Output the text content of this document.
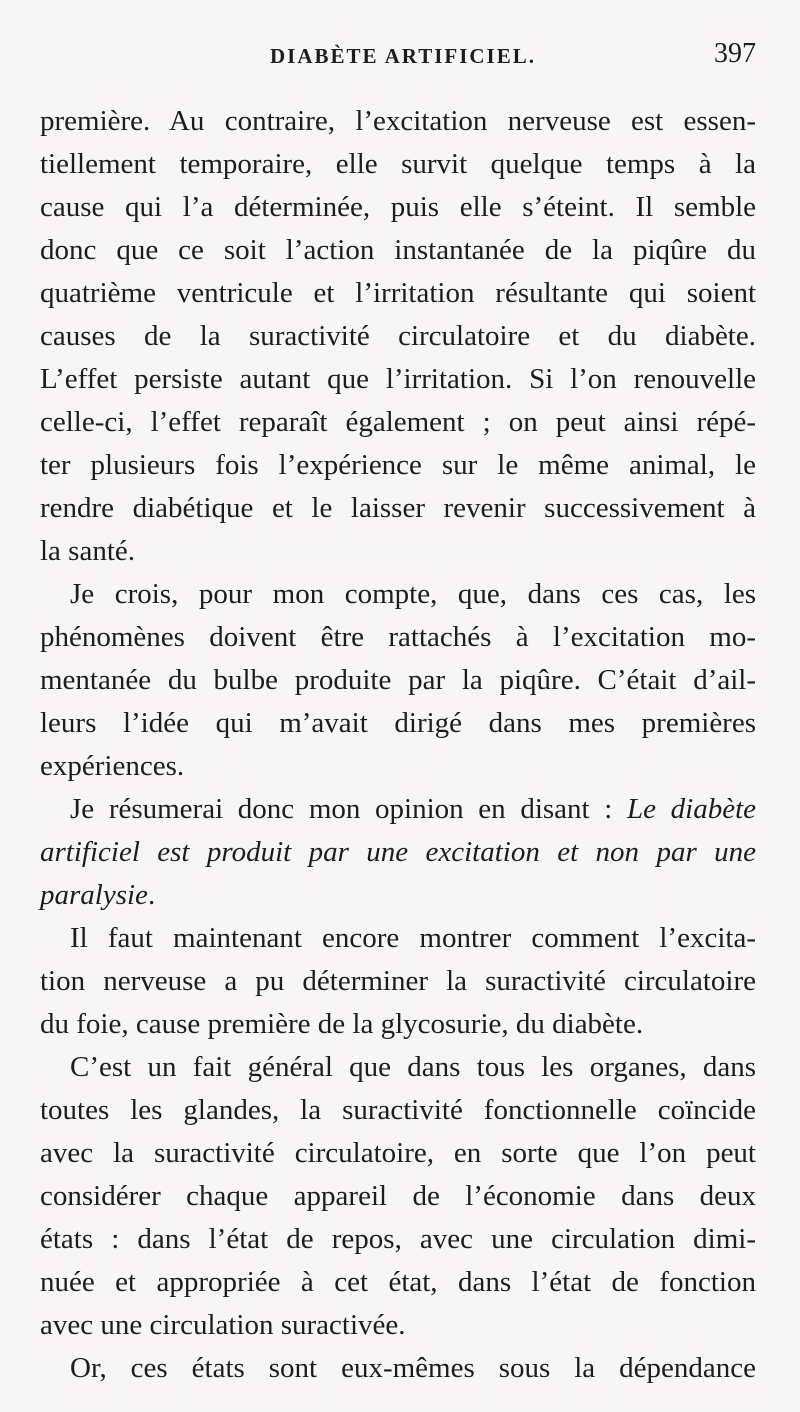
DIABÈTE ARTIFICIEL.	397
première. Au contraire, l’excitation nerveuse est essen-
tiellement temporaire, elle survit quelque temps à la
cause qui l’a déterminée, puis elle s’éteint. Il semble
donc que ce soit l’action instantanée de la piqûre du
quatrième ventricule et l’irritation résultante qui soient
causes de la suractivité circulatoire et du diabète.
L’effet persiste autant que l’irritation. Si l’on renouvelle
celle-ci, l’effet reparaît également ; on peut ainsi répé-
ter plusieurs fois l’expérience sur le même animal, le
rendre diabétique et le laisser revenir successivement à
la santé.
Je crois, pour mon compte, que, dans ces cas, les
phénomènes doivent être rattachés à l’excitation mo-
mentanée du bulbe produite par la piqûre. C’était d’ail-
leurs l’idée qui m’avait dirigé dans mes premières
expériences.
Je résumerai donc mon opinion en disant : Le diabète
artificiel est produit par une excitation et non par une
paralysie.
Il faut maintenant encore montrer comment l’excita-
tion nerveuse a pu déterminer la suractivité circulatoire
du foie, cause première de la glycosurie, du diabète.
C’est un fait général que dans tous les organes, dans
toutes les glandes, la suractivité fonctionnelle coïncide
avec la suractivité circulatoire, en sorte que l’on peut
considérer chaque appareil de l’économie dans deux
états : dans l’état de repos, avec une circulation dimi-
nuée et appropriée à cet état, dans l’état de fonction
avec une circulation suractivée.
Or, ces états sont eux-mêmes sous la dépendance
